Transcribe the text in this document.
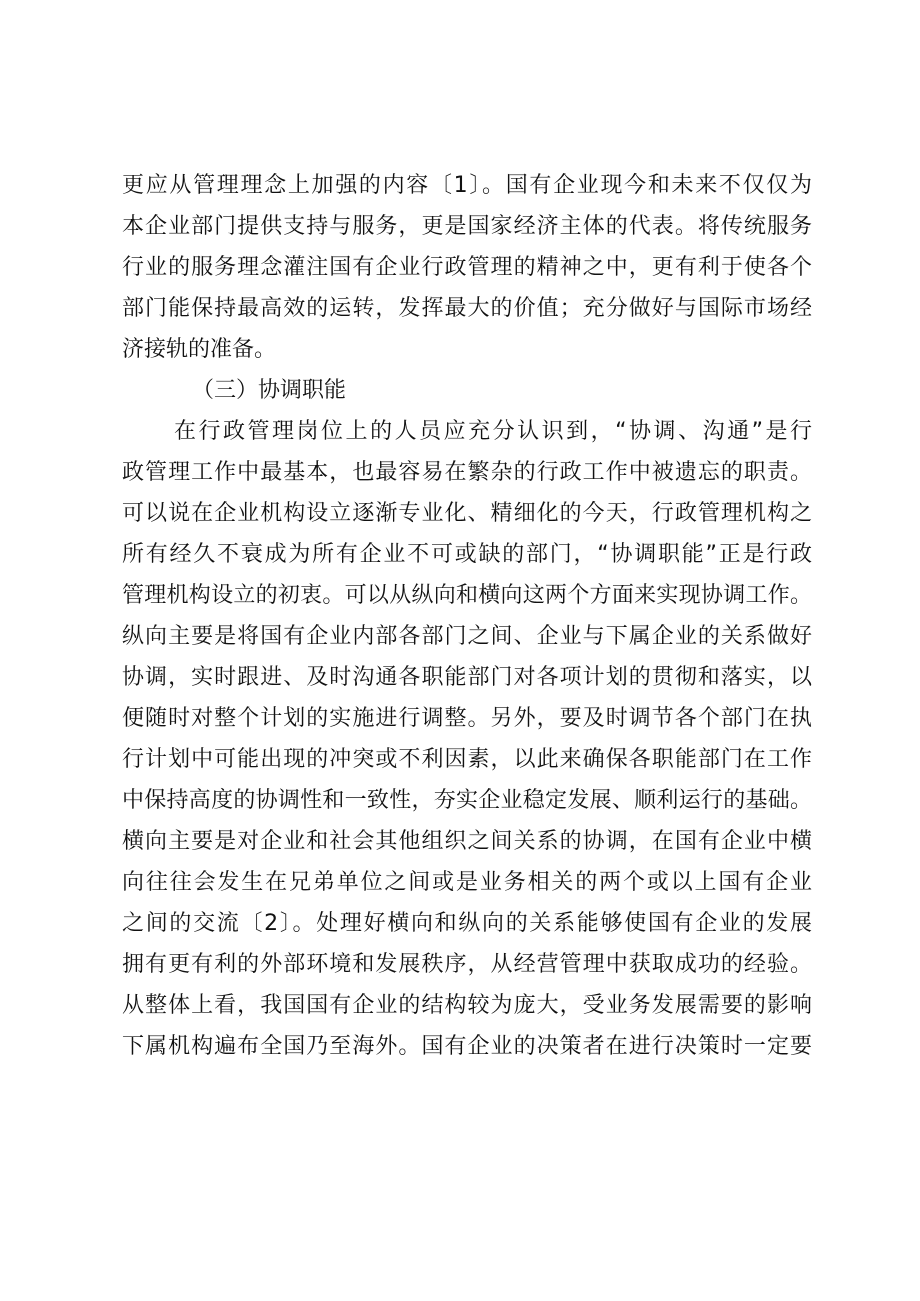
更应从管理理念上加强的内容〔1〕。国有企业现今和未来不仅仅为
本企业部门提供支持与服务，更是国家经济主体的代表。将传统服务
行业的服务理念灌注国有企业行政管理的精神之中，更有利于使各个
部门能保持最高效的运转，发挥最大的价值；充分做好与国际市场经
济接轨的准备。
（三）协调职能
在行政管理岗位上的人员应充分认识到，“协调、沟通”是行
政管理工作中最基本，也最容易在繁杂的行政工作中被遗忘的职责。
可以说在企业机构设立逐渐专业化、精细化的今天，行政管理机构之
所有经久不衰成为所有企业不可或缺的部门，“协调职能”正是行政
管理机构设立的初衷。可以从纵向和横向这两个方面来实现协调工作。
纵向主要是将国有企业内部各部门之间、企业与下属企业的关系做好
协调，实时跟进、及时沟通各职能部门对各项计划的贯彻和落实，以
便随时对整个计划的实施进行调整。另外，要及时调节各个部门在执
行计划中可能出现的冲突或不利因素，以此来确保各职能部门在工作
中保持高度的协调性和一致性，夯实企业稳定发展、顺利运行的基础。
横向主要是对企业和社会其他组织之间关系的协调，在国有企业中横
向往往会发生在兄弟单位之间或是业务相关的两个或以上国有企业
之间的交流〔2〕。处理好横向和纵向的关系能够使国有企业的发展
拥有更有利的外部环境和发展秩序，从经营管理中获取成功的经验。
从整体上看，我国国有企业的结构较为庞大，受业务发展需要的影响
下属机构遍布全国乃至海外。国有企业的决策者在进行决策时一定要
